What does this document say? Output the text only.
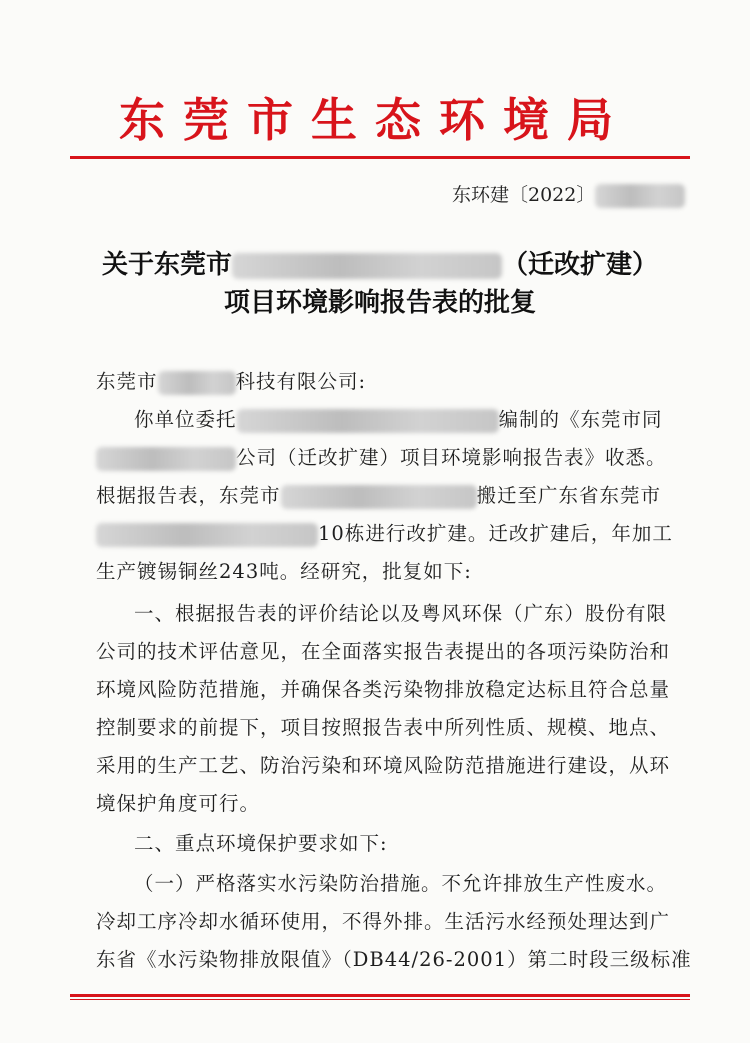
东莞市生态环境局
东环建〔2022〕
关于东莞市	（迁改扩建）
项目环境影响报告表的批复
东莞市	科技有限公司:
你单位委托	编制的《东莞市同
公司（迁改扩建）项目环境影响报告表》收悉。
根据报告表，东莞市	搬迁至广东省东莞市
10栋进行改扩建。迁改扩建后，年加工
生产镀锡铜丝243吨。经研究，批复如下:
一、根据报告表的评价结论以及粤风环保（广东）股份有限
公司的技术评估意见，在全面落实报告表提出的各项污染防治和
环境风险防范措施，并确保各类污染物排放稳定达标且符合总量
控制要求的前提下，项目按照报告表中所列性质、规模、地点、
采用的生产工艺、防治污染和环境风险防范措施进行建设，从环
境保护角度可行。
二、重点环境保护要求如下:
（一）严格落实水污染防治措施。不允许排放生产性废水。
冷却工序冷却水循环使用，不得外排。生活污水经预处理达到广
东省《水污染物排放限值》（DB44/26-2001）第二时段三级标准
